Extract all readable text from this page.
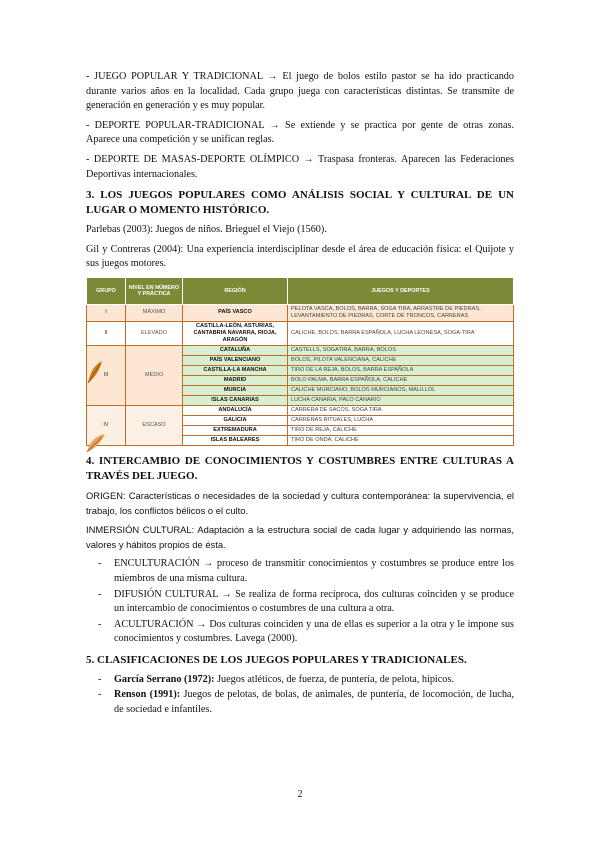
- JUEGO POPULAR Y TRADICIONAL → El juego de bolos estilo pastor se ha ido practicando durante varios años en la localidad. Cada grupo juega con características distintas. Se transmite de generación en generación y es muy popular.

- DEPORTE POPULAR-TRADICIONAL → Se extiende y se practica por gente de otras zonas. Aparece una competición y se unifican reglas.

- DEPORTE DE MASAS-DEPORTE OLÍMPICO → Traspasa fronteras. Aparecen las Federaciones Deportivas internacionales.

3. LOS JUEGOS POPULARES COMO ANÁLISIS SOCIAL Y CULTURAL DE UN LUGAR O MOMENTO HISTÓRICO.

Parlebas (2003): Juegos de niños. Brieguel el Viejo (1560).

Gil y Contreras (2004): Una experiencia interdisciplinar desde el área de educación física: el Quijote y sus juegos motores.

GRUPO	NIVEL EN NÚMERO Y PRÁCTICA	REGIÓN	JUEGOS Y DEPORTES
I	MÁXIMO	PAÍS VASCO	PELOTA VASCA, BOLOS, BARRA, SOGA TIRA, ARRASTRE DE PIEDRAS, LEVANTAMIENTO DE PIEDRAS, CORTE DE TRONCOS, CARRERAS
II	ELEVADO	CASTILLA-LEÓN, ASTURIAS, CANTABRIA NAVARRA, RIOJA, ARAGÓN	CALICHE, BOLOS, BARRA ESPAÑOLA, LUCHA LEONESA, SOGA-TIRA
III	MEDIO	CATALUÑA	CASTELLS, SOGATIRA, BARRA, BOLOS
		PAÍS VALENCIANO	BOLOS, PILOTA VALENCIANA, CALICHE
		CASTILLA-LA MANCHA	TIRO DE LA REJA, BOLOS, BARRA ESPAÑOLA
		MADRID	BOLO PALMA, BARRA ESPAÑOLA, CALICHE
		MURCIA	CALICHE MURCIANO, BOLOS MURCIANOS, MALILLOL
		ISLAS CANARIAS	LUCHA CANARIA, PALO CANARIO
IV	ESCASO	ANDALUCÍA	CARRERA DE SACOS, SOGA TIRA
		GALICIA	CARRERAS RITUALES, LUCHA
		EXTREMADURA	TIRO DE REJA, CALICHE
		ISLAS BALEARES	TIRO DE ONDA, CALICHE
4. INTERCAMBIO DE CONOCIMIENTOS Y COSTUMBRES ENTRE CULTURAS A TRAVÉS DEL JUEGO.

ORIGEN: Características o necesidades de la sociedad y cultura contemporánea: la supervivencia, el trabajo, los conflictos bélicos o el culto.

INMERSIÓN CULTURAL: Adaptación a la estructura social de cada lugar y adquiriendo las normas, valores y hábitos propios de ésta.

- ENCULTURACIÓN → proceso de transmitir conocimientos y costumbres se produce entre los miembros de una misma cultura.
- DIFUSIÓN CULTURAL → Se realiza de forma recíproca, dos culturas coinciden y se produce un intercambio de conocimientos o costumbres de una cultura a otra.
- ACULTURACIÓN → Dos culturas coinciden y una de ellas es superior a la otra y le impone sus conocimientos y costumbres. Lavega (2000).
5. CLASIFICACIONES DE LOS JUEGOS POPULARES Y TRADICIONALES.
- García Serrano (1972): Juegos atléticos, de fuerza, de puntería, de pelota, hípicos.
- Renson (1991): Juegos de pelotas, de bolas, de animales, de puntería, de locomoción, de lucha, de sociedad e infantiles.
2
